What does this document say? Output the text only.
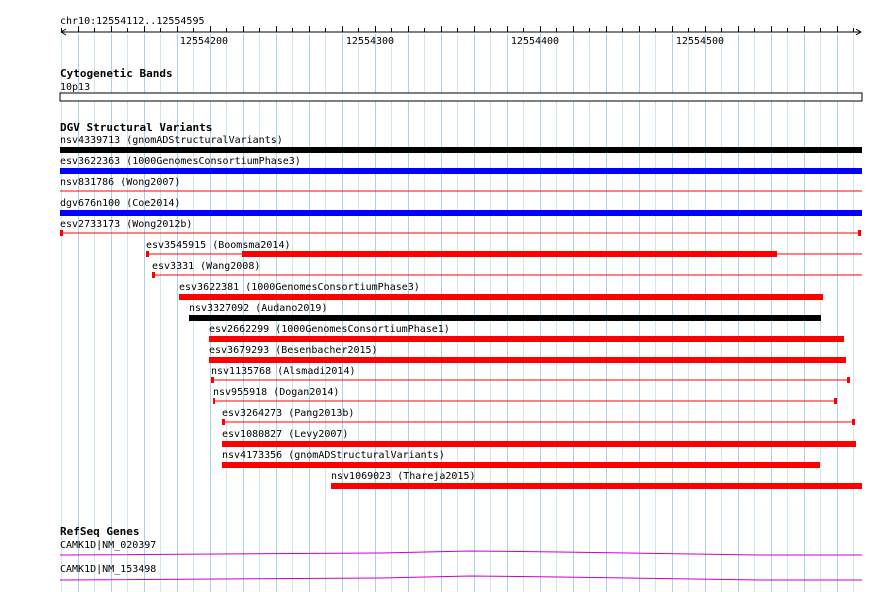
chr10:12554112..12554595
12554200	12554300	12554400	12554500
Cytogenetic Bands
10p13
DGV Structural Variants
nsv4339713 (gnomADStructuralVariants)
esv3622363 (1000GenomesConsortiumPhase3)
nsv831786 (Wong2007)
dgv676n100 (Coe2014)
esv2733173 (Wong2012b)
esv3545915 (Boomsma2014)
esv3331 (Wang2008)
esv3622381 (1000GenomesConsortiumPhase3)
nsv3327092 (Audano2019)
esv2662299 (1000GenomesConsortiumPhase1)
esv3679293 (Besenbacher2015)
nsv1135768 (Alsmadi2014)
nsv955918 (Dogan2014)
esv3264273 (Pang2013b)
esv1080827 (Levy2007)
nsv4173356 (gnomADStructuralVariants)
nsv1069023 (Thareja2015)
RefSeq Genes
CAMK1D|NM_020397
CAMK1D|NM_153498
